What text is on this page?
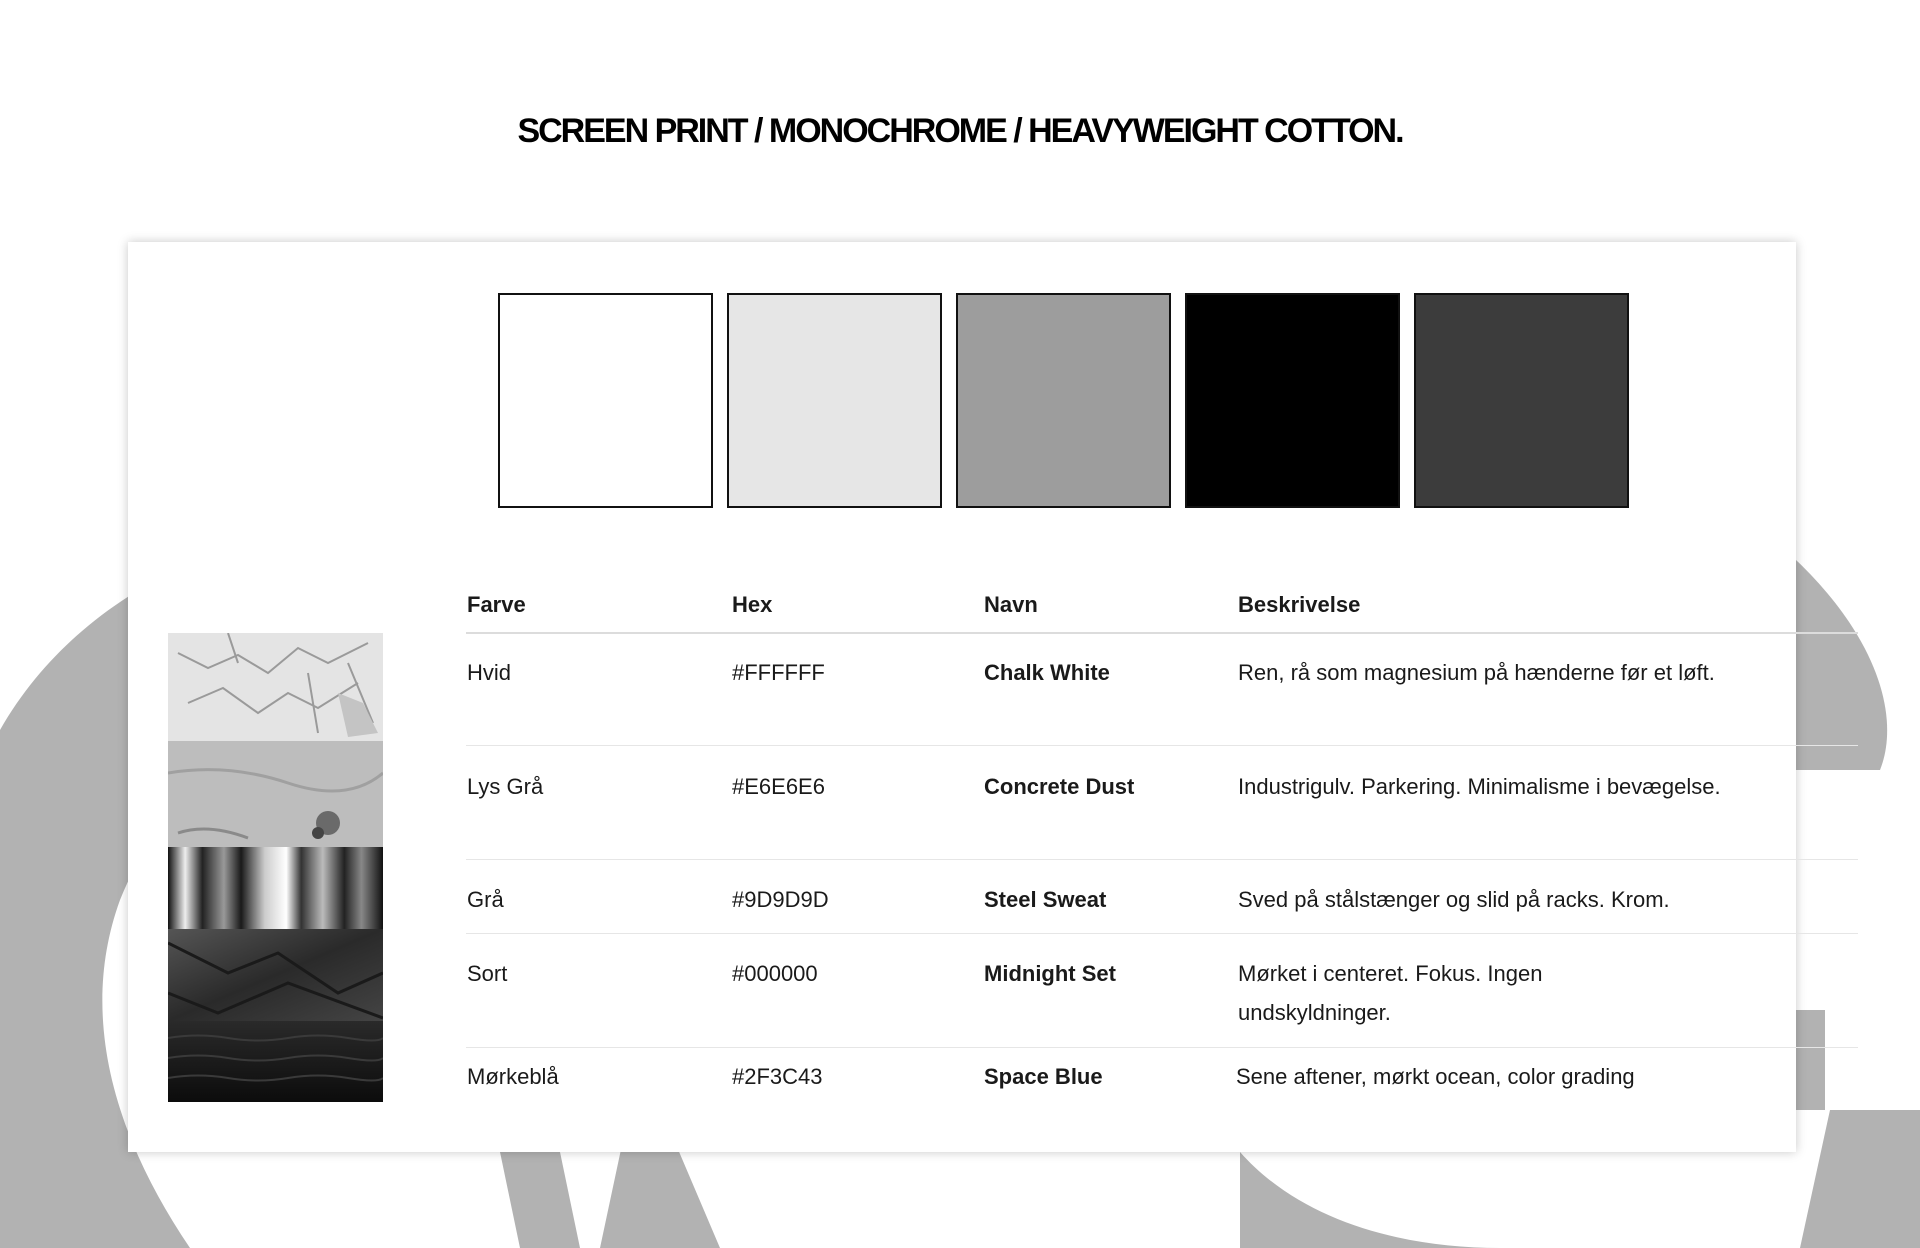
SCREEN PRINT / MONOCHROME / HEAVYWEIGHT COTTON.
Farve	Hex	Navn	Beskrivelse
Hvid	#FFFFFF	Chalk White	Ren, rå som magnesium på hænderne før et løft.
Lys Grå	#E6E6E6	Concrete Dust	Industrigulv. Parkering. Minimalisme i bevægelse.
Grå	#9D9D9D	Steel Sweat	Sved på stålstænger og slid på racks. Krom.
Sort	#000000	Midnight Set	Mørket i centeret. Fokus. Ingen undskyldninger.
Mørkeblå	#2F3C43	Space Blue	Sene aftener, mørkt ocean, color grading
